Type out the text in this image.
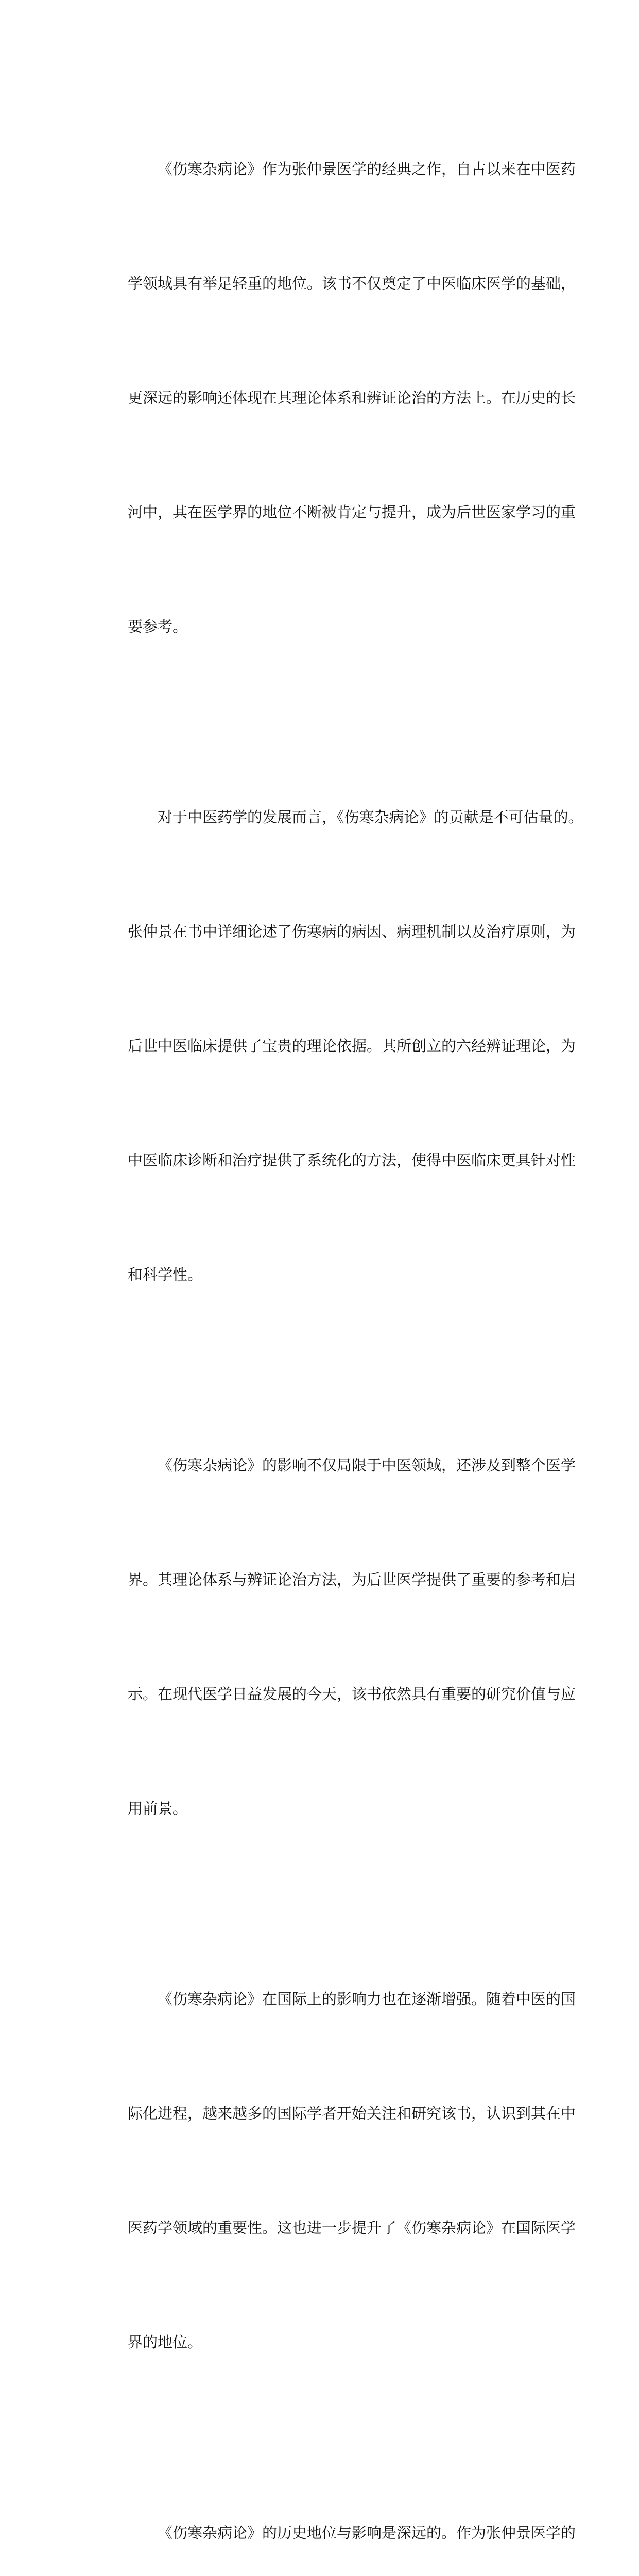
《伤寒杂病论》作为张仲景医学的经典之作，自古以来在中医药

学领域具有举足轻重的地位。该书不仅奠定了中医临床医学的基础，

更深远的影响还体现在其理论体系和辨证论治的方法上。在历史的长

河中，其在医学界的地位不断被肯定与提升，成为后世医家学习的重

要参考。

对于中医药学的发展而言，《伤寒杂病论》的贡献是不可估量的。

张仲景在书中详细论述了伤寒病的病因、病理机制以及治疗原则，为

后世中医临床提供了宝贵的理论依据。其所创立的六经辨证理论，为

中医临床诊断和治疗提供了系统化的方法，使得中医临床更具针对性

和科学性。

《伤寒杂病论》的影响不仅局限于中医领域，还涉及到整个医学

界。其理论体系与辨证论治方法，为后世医学提供了重要的参考和启

示。在现代医学日益发展的今天，该书依然具有重要的研究价值与应

用前景。

《伤寒杂病论》在国际上的影响力也在逐渐增强。随着中医的国

际化进程，越来越多的国际学者开始关注和研究该书，认识到其在中

医药学领域的重要性。这也进一步提升了《伤寒杂病论》在国际医学

界的地位。

《伤寒杂病论》的历史地位与影响是深远的。作为张仲景医学的
